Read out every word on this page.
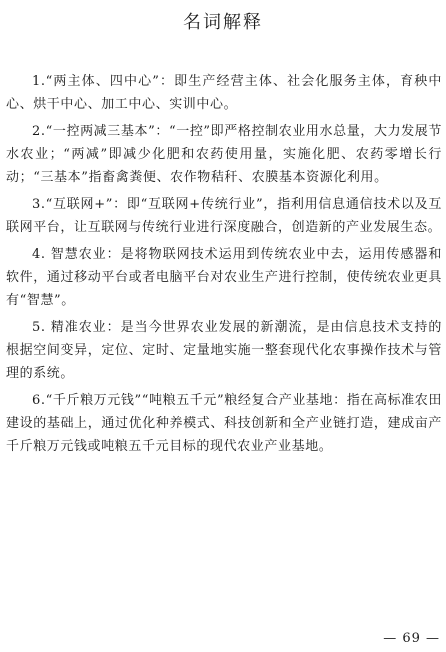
名词解释

1.“两主体、四中心”：即生产经营主体、社会化服务主体，育秧中心、烘干中心、加工中心、实训中心。

2.“一控两减三基本”：“一控”即严格控制农业用水总量，大力发展节水农业；“两减”即减少化肥和农药使用量，实施化肥、农药零增长行动；“三基本”指畜禽粪便、农作物秸秆、农膜基本资源化利用。

3.“互联网+”：即“互联网+传统行业”，指利用信息通信技术以及互联网平台，让互联网与传统行业进行深度融合，创造新的产业发展生态。

4. 智慧农业：是将物联网技术运用到传统农业中去，运用传感器和软件，通过移动平台或者电脑平台对农业生产进行控制，使传统农业更具有“智慧”。

5. 精准农业：是当今世界农业发展的新潮流，是由信息技术支持的根据空间变异，定位、定时、定量地实施一整套现代化农事操作技术与管理的系统。

6.“千斤粮万元钱”“吨粮五千元”粮经复合产业基地：指在高标准农田建设的基础上，通过优化种养模式、科技创新和全产业链打造，建成亩产千斤粮万元钱或吨粮五千元目标的现代农业产业基地。

— 69 —
